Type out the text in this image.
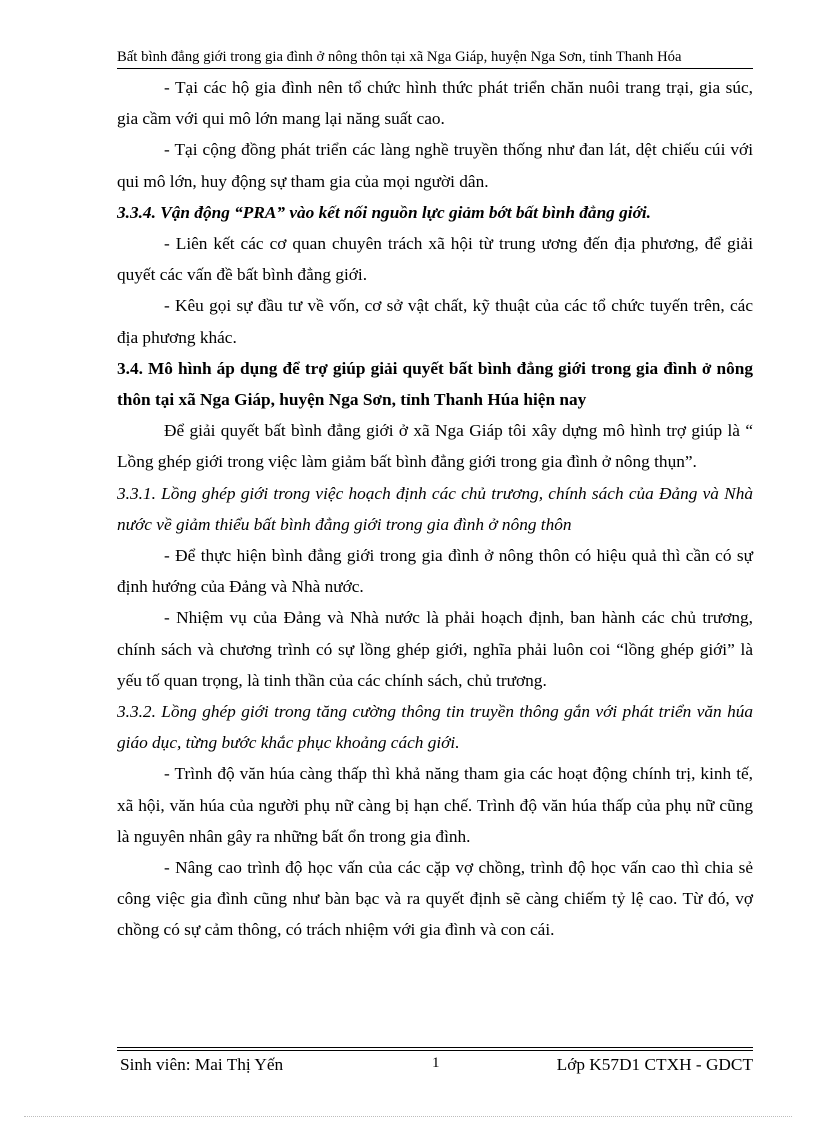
Bất bình đẳng giới trong gia đình ở nông thôn tại xã Nga Giáp, huyện Nga Sơn, tỉnh Thanh Hóa

- Tại các hộ gia đình nên tổ chức hình thức phát triển chăn nuôi trang trại, gia súc, gia cầm với qui mô lớn mang lại năng suất cao.

- Tại cộng đồng phát triển các làng nghề truyền thống như đan lát, dệt chiếu cúi với qui mô lớn, huy động sự tham gia của mọi người dân.

3.3.4. Vận động “PRA” vào kết nối nguồn lực giảm bớt bất bình đẳng giới.

- Liên kết các cơ quan chuyên trách xã hội từ trung ương đến địa phương, để giải quyết các vấn đề bất bình đẳng giới.

- Kêu gọi sự đầu tư về vốn, cơ sở vật chất, kỹ thuật của các tổ chức tuyến trên, các địa phương khác.

3.4. Mô hình áp dụng để trợ giúp giải quyết bất bình đẳng giới trong gia đình ở nông thôn tại xã Nga Giáp, huyện Nga Sơn, tỉnh Thanh Húa hiện nay

Để giải quyết bất bình đẳng giới ở xã Nga Giáp tôi xây dựng mô hình trợ giúp là “ Lồng ghép giới trong việc làm giảm bất bình đẳng giới trong gia đình ở nông thụn”.

3.3.1. Lồng ghép giới trong việc hoạch định các chủ trương, chính sách của Đảng và Nhà nước về giảm thiểu bất bình đẳng giới trong gia đình ở nông thôn

- Để thực hiện bình đẳng giới trong gia đình ở nông thôn có hiệu quả thì cần có sự định hướng của Đảng và Nhà nước.

- Nhiệm vụ của Đảng và Nhà nước là phải hoạch định, ban hành các chủ trương, chính sách và chương trình có sự lồng ghép giới, nghĩa phải luôn coi “lồng ghép giới” là yếu tố quan trọng, là tinh thần của các chính sách, chủ trương.

3.3.2. Lồng ghép giới trong tăng cường thông tin truyền thông gắn với phát triển văn húa giáo dục, từng bước khắc phục khoảng cách giới.

- Trình độ văn húa càng thấp thì khả năng tham gia các hoạt động chính trị, kinh tế, xã hội, văn húa của người phụ nữ càng bị hạn chế. Trình độ văn húa thấp của phụ nữ cũng là nguyên nhân gây ra những bất ổn trong gia đình.

- Nâng cao trình độ học vấn của các cặp vợ chồng, trình độ học vấn cao thì chia sẻ công việc gia đình cũng như bàn bạc và ra quyết định sẽ càng chiếm tỷ lệ cao. Từ đó, vợ chồng có sự cảm thông, có trách nhiệm với gia đình và con cái.

Sinh viên: Mai Thị Yến	1	Lớp K57D1 CTXH - GDCT
